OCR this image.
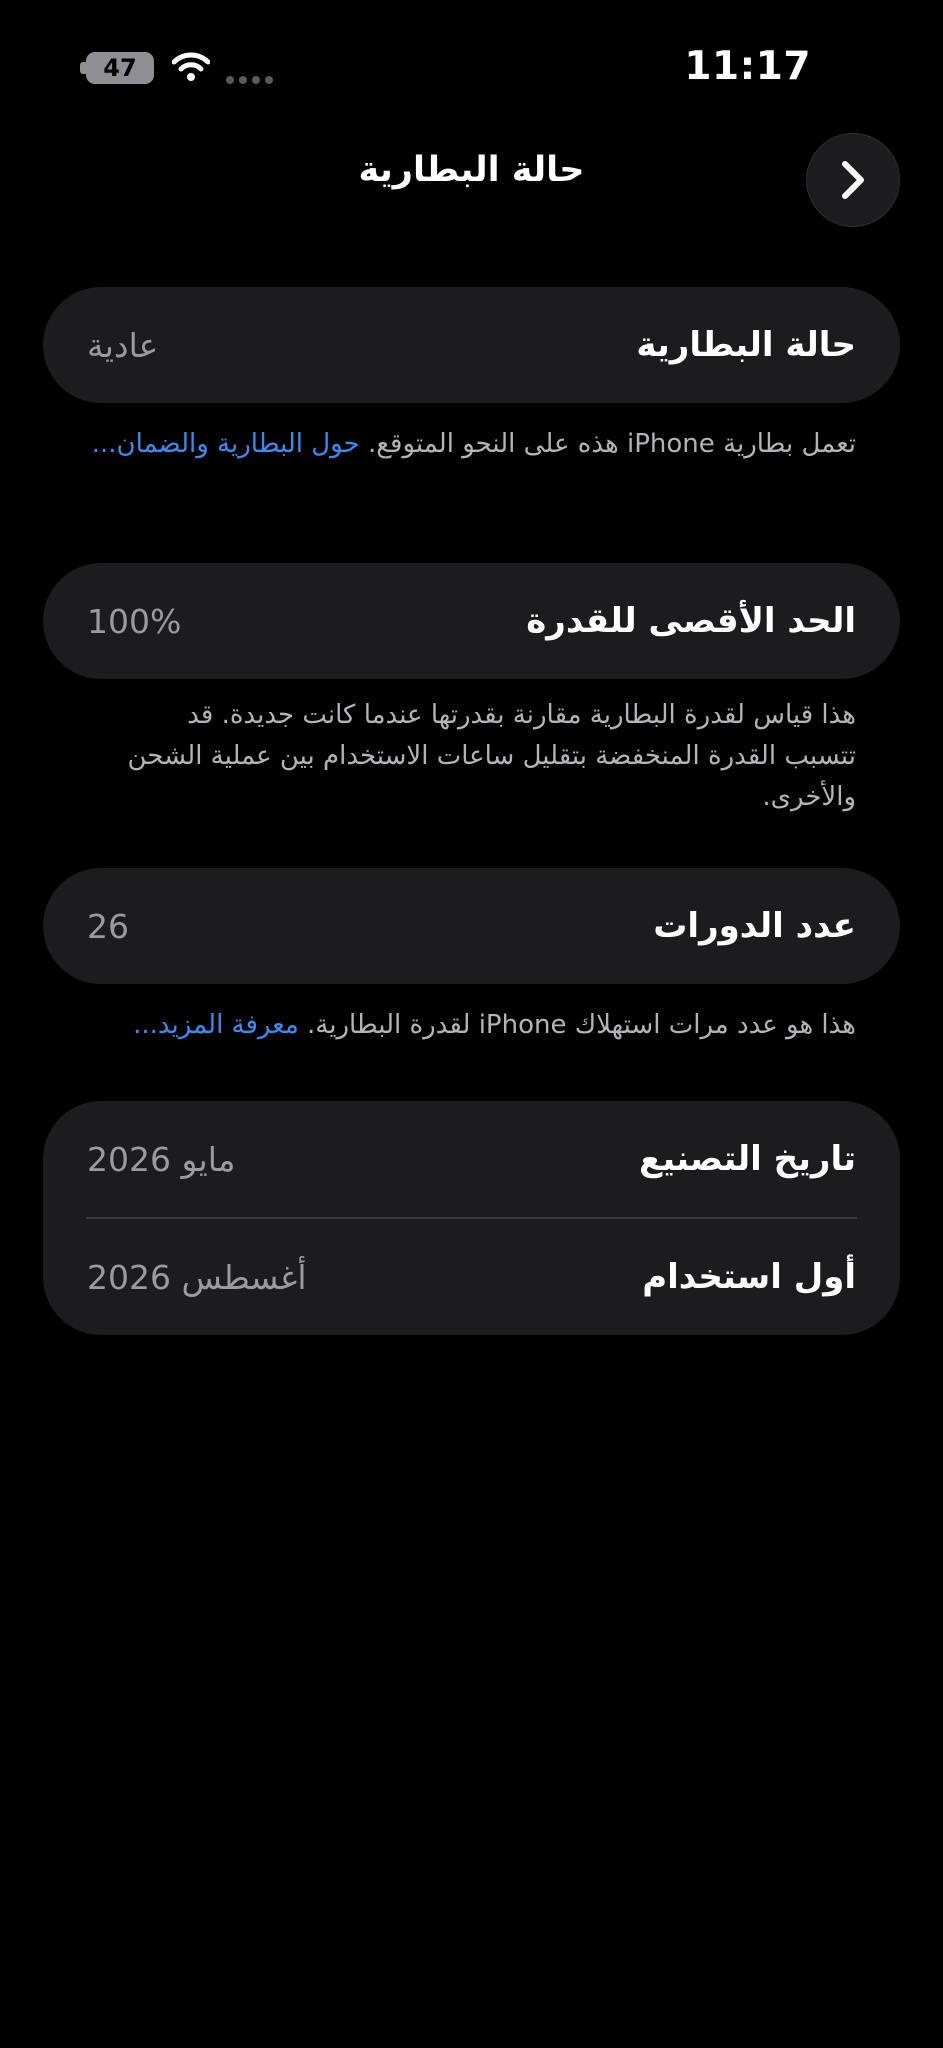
47	11:17
حالة البطارية
حالة البطارية
عادية
تعمل بطارية iPhone هذه على النحو المتوقع. حول البطارية والضمان...
الحد الأقصى للقدرة
100%
هذا قياس لقدرة البطارية مقارنة بقدرتها عندما كانت جديدة. قد تتسبب القدرة المنخفضة بتقليل ساعات الاستخدام بين عملية الشحن والأخرى.
عدد الدورات
26
هذا هو عدد مرات استهلاك iPhone لقدرة البطارية. معرفة المزيد...
تاريخ التصنيع
مايو 2026
أول استخدام
أغسطس 2026
